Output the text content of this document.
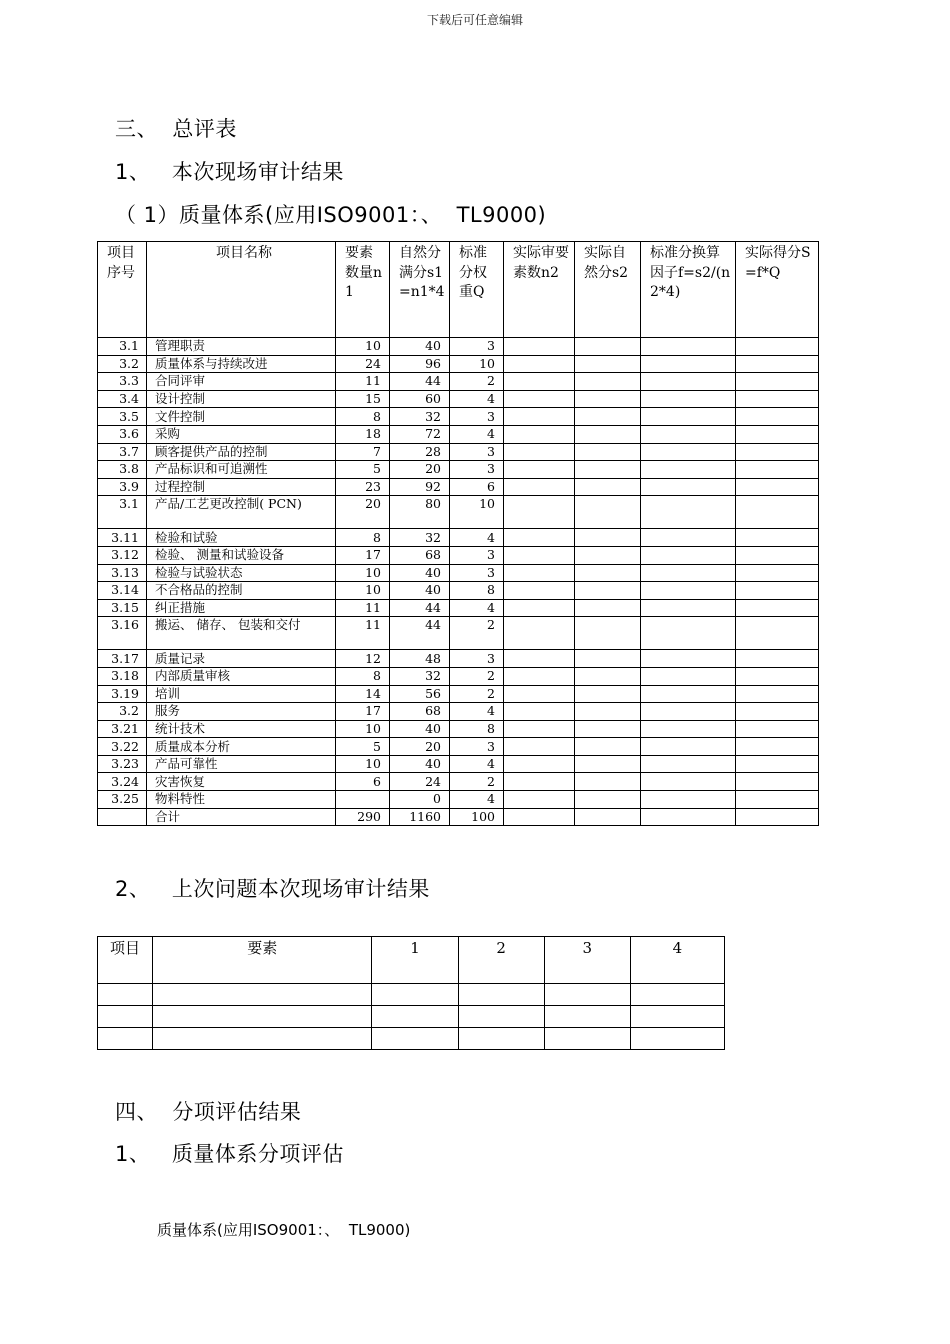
下载后可任意编辑
三、  总评表
1、   本次现场审计结果
（ 1）质量体系(应用ISO9001：、  TL9000)
项目序号	项目名称	要素数量n1	自然分满分s1=n1*4	标准分权重Q	实际审要素数n2	实际自然分s2	标准分换算因子f=s2/(n2*4)	实际得分S=f*Q
3.1	管理职责	10	40	3				
3.2	质量体系与持续改进	24	96	10				
3.3	合同评审	11	44	2				
3.4	设计控制	15	60	4				
3.5	文件控制	8	32	3				
3.6	采购	18	72	4				
3.7	顾客提供产品的控制	7	28	3				
3.8	产品标识和可追溯性	5	20	3				
3.9	过程控制	23	92	6				
3.1	产品/工艺更改控制( PCN)	20	80	10				
3.11	检验和试验	8	32	4				
3.12	检验、 测量和试验设备	17	68	3				
3.13	检验与试验状态	10	40	3				
3.14	不合格品的控制	10	40	8				
3.15	纠正措施	11	44	4				
3.16	搬运、 储存、 包装和交付	11	44	2				
3.17	质量记录	12	48	3				
3.18	内部质量审核	8	32	2				
3.19	培训	14	56	2				
3.2	服务	17	68	4				
3.21	统计技术	10	40	8				
3.22	质量成本分析	5	20	3				
3.23	产品可靠性	10	40	4				
3.24	灾害恢复	6	24	2				
3.25	物料特性		0	4				
	合计	290	1160	100				
2、   上次问题本次现场审计结果
项目	要素	1	2	3	4

四、  分项评估结果
1、   质量体系分项评估
质量体系(应用ISO9001：、  TL9000)
